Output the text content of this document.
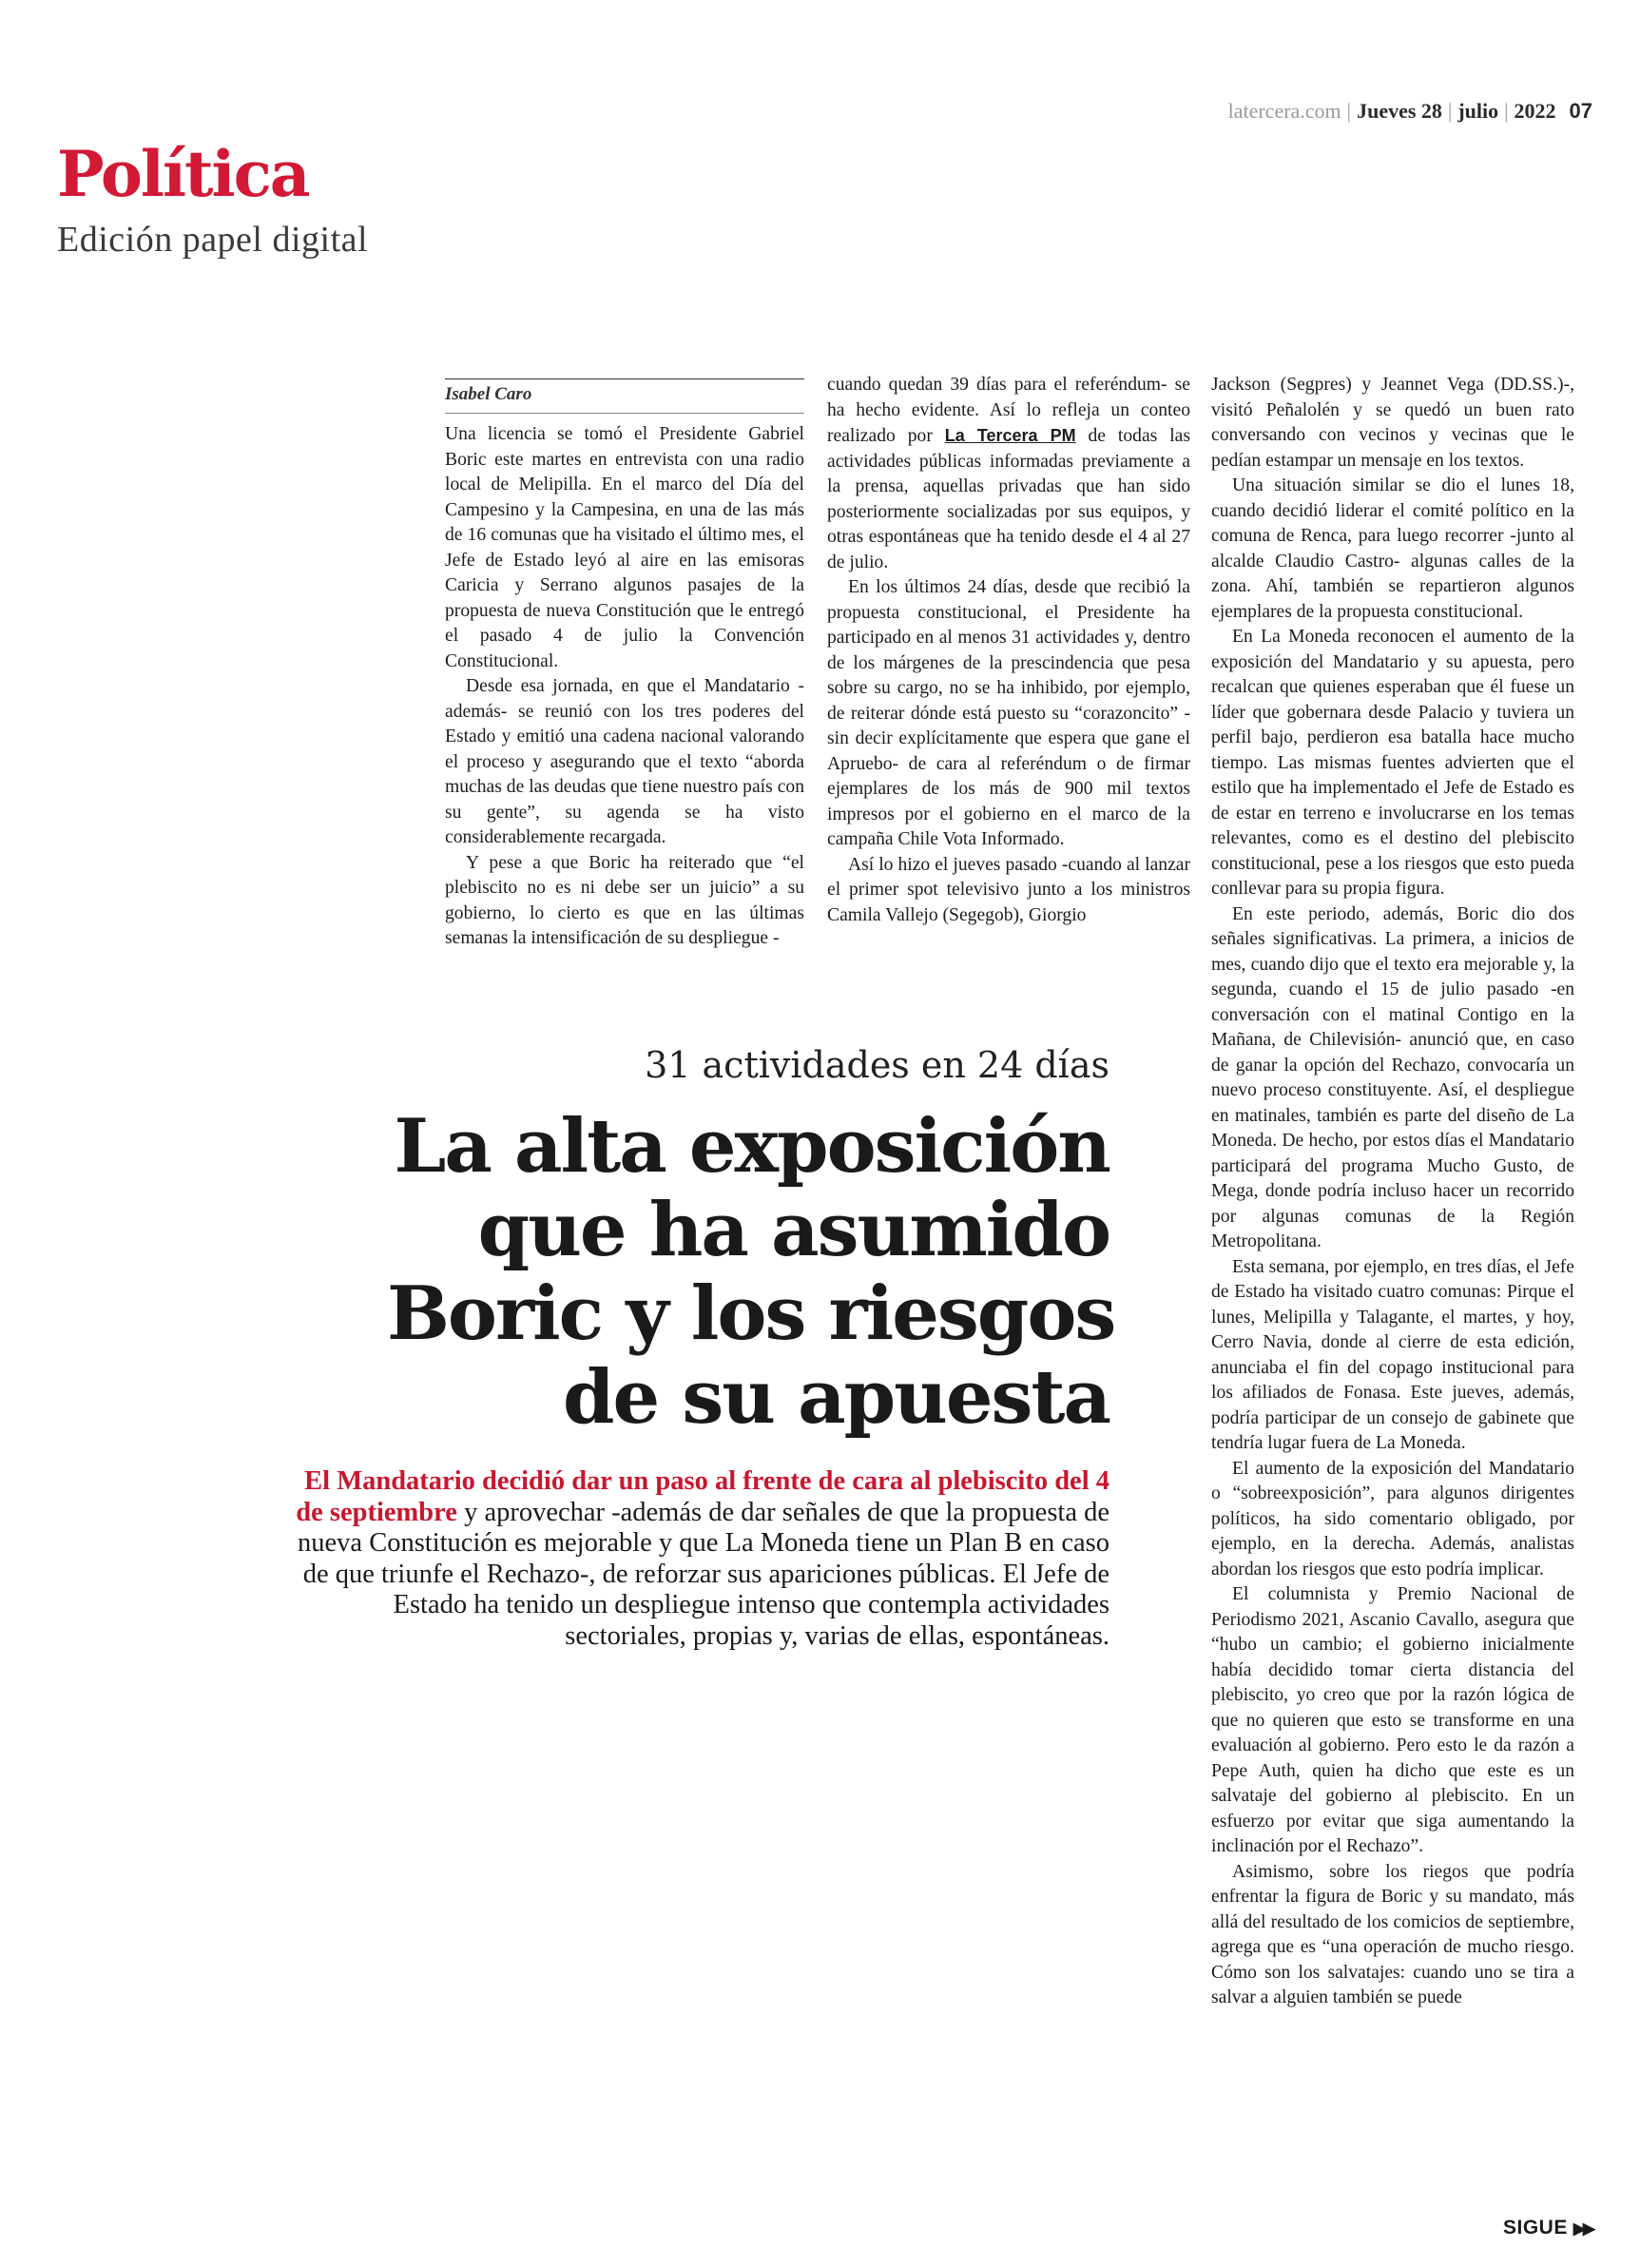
latercera.com | Jueves 28 | julio | 2022 07
Política
Edición papel digital
Isabel Caro

Una licencia se tomó el Presidente Gabriel Boric este martes en entrevista con una radio local de Melipilla. En el marco del Día del Campesino y la Campesina, en una de las más de 16 comunas que ha visitado el último mes, el Jefe de Estado leyó al aire en las emisoras Caricia y Serrano algunos pasajes de la propuesta de nueva Constitución que le entregó el pasado 4 de julio la Convención Constitucional.

Desde esa jornada, en que el Mandatario -además- se reunió con los tres poderes del Estado y emitió una cadena nacional valorando el proceso y asegurando que el texto “aborda muchas de las deudas que tiene nuestro país con su gente”, su agenda se ha visto considerablemente recargada.

Y pese a que Boric ha reiterado que “el plebiscito no es ni debe ser un juicio” a su gobierno, lo cierto es que en las últimas semanas la intensificación de su despliegue -

cuando quedan 39 días para el referéndum- se ha hecho evidente. Así lo refleja un conteo realizado por La Tercera PM de todas las actividades públicas informadas previamente a la prensa, aquellas privadas que han sido posteriormente socializadas por sus equipos, y otras espontáneas que ha tenido desde el 4 al 27 de julio.

En los últimos 24 días, desde que recibió la propuesta constitucional, el Presidente ha participado en al menos 31 actividades y, dentro de los márgenes de la prescindencia que pesa sobre su cargo, no se ha inhibido, por ejemplo, de reiterar dónde está puesto su “corazoncito” -sin decir explícitamente que espera que gane el Apruebo- de cara al referéndum o de firmar ejemplares de los más de 900 mil textos impresos por el gobierno en el marco de la campaña Chile Vota Informado.

Así lo hizo el jueves pasado -cuando al lanzar el primer spot televisivo junto a los ministros Camila Vallejo (Segegob), Giorgio

Jackson (Segpres) y Jeannet Vega (DD.SS.)-, visitó Peñalolén y se quedó un buen rato conversando con vecinos y vecinas que le pedían estampar un mensaje en los textos.

Una situación similar se dio el lunes 18, cuando decidió liderar el comité político en la comuna de Renca, para luego recorrer -junto al alcalde Claudio Castro- algunas calles de la zona. Ahí, también se repartieron algunos ejemplares de la propuesta constitucional.

En La Moneda reconocen el aumento de la exposición del Mandatario y su apuesta, pero recalcan que quienes esperaban que él fuese un líder que gobernara desde Palacio y tuviera un perfil bajo, perdieron esa batalla hace mucho tiempo. Las mismas fuentes advierten que el estilo que ha implementado el Jefe de Estado es de estar en terreno e involucrarse en los temas relevantes, como es el destino del plebiscito constitucional, pese a los riesgos que esto pueda conllevar para su propia figura.

En este periodo, además, Boric dio dos señales significativas. La primera, a inicios de mes, cuando dijo que el texto era mejorable y, la segunda, cuando el 15 de julio pasado -en conversación con el matinal Contigo en la Mañana, de Chilevisión- anunció que, en caso de ganar la opción del Rechazo, convocaría un nuevo proceso constituyente. Así, el despliegue en matinales, también es parte del diseño de La Moneda. De hecho, por estos días el Mandatario participará del programa Mucho Gusto, de Mega, donde podría incluso hacer un recorrido por algunas comunas de la Región Metropolitana.

Esta semana, por ejemplo, en tres días, el Jefe de Estado ha visitado cuatro comunas: Pirque el lunes, Melipilla y Talagante, el martes, y hoy, Cerro Navia, donde al cierre de esta edición, anunciaba el fin del copago institucional para los afiliados de Fonasa. Este jueves, además, podría participar de un consejo de gabinete que tendría lugar fuera de La Moneda.

El aumento de la exposición del Mandatario o “sobreexposición”, para algunos dirigentes políticos, ha sido comentario obligado, por ejemplo, en la derecha. Además, analistas abordan los riesgos que esto podría implicar.

El columnista y Premio Nacional de Periodismo 2021, Ascanio Cavallo, asegura que “hubo un cambio; el gobierno inicialmente había decidido tomar cierta distancia del plebiscito, yo creo que por la razón lógica de que no quieren que esto se transforme en una evaluación al gobierno. Pero esto le da razón a Pepe Auth, quien ha dicho que este es un salvataje del gobierno al plebiscito. En un esfuerzo por evitar que siga aumentando la inclinación por el Rechazo”.

Asimismo, sobre los riegos que podría enfrentar la figura de Boric y su mandato, más allá del resultado de los comicios de septiembre, agrega que es “una operación de mucho riesgo. Cómo son los salvatajes: cuando uno se tira a salvar a alguien también se puede

31 actividades en 24 días
La alta exposición
que ha asumido
Boric y los riesgos
de su apuesta
El Mandatario decidió dar un paso al frente de cara al plebiscito del 4 de septiembre y aprovechar -además de dar señales de que la propuesta de nueva Constitución es mejorable y que La Moneda tiene un Plan B en caso de que triunfe el Rechazo-, de reforzar sus apariciones públicas. El Jefe de Estado ha tenido un despliegue intenso que contempla actividades sectoriales, propias y, varias de ellas, espontáneas.
SIGUE ▶▶
